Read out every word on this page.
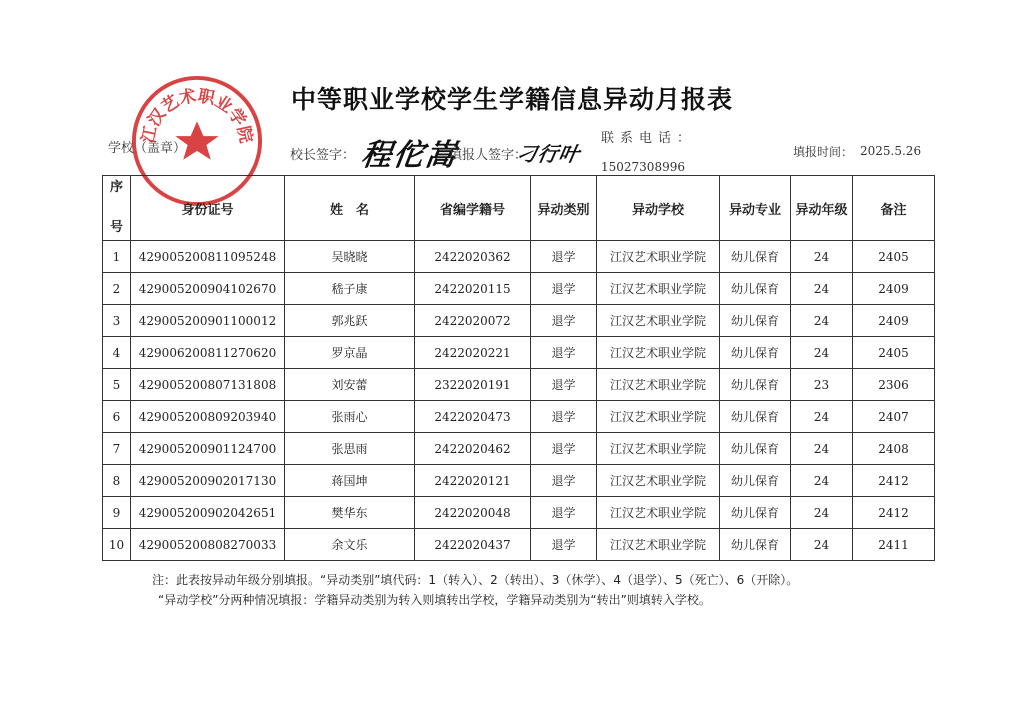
中等职业学校学生学籍信息异动月报表
学校（盖章）	校长签字： 程佗嵩
填报人签字：
刁行叶
联系电话：
15027308996
填报时间： 2025.5.26
江汉艺术职业学院
序

号	身份证号	姓　名	省编学籍号	异动类别	异动学校	异动专业	异动年级	备注
1	429005200811095248	吴晓晓	2422020362	退学	江汉艺术职业学院	幼儿保育	24	2405
2	429005200904102670	嵇子康	2422020115	退学	江汉艺术职业学院	幼儿保育	24	2409
3	429005200901100012	郭兆跃	2422020072	退学	江汉艺术职业学院	幼儿保育	24	2409
4	429006200811270620	罗京晶	2422020221	退学	江汉艺术职业学院	幼儿保育	24	2405
5	429005200807131808	刘安蕾	2322020191	退学	江汉艺术职业学院	幼儿保育	23	2306
6	429005200809203940	张雨心	2422020473	退学	江汉艺术职业学院	幼儿保育	24	2407
7	429005200901124700	张思雨	2422020462	退学	江汉艺术职业学院	幼儿保育	24	2408
8	429005200902017130	蒋国坤	2422020121	退学	江汉艺术职业学院	幼儿保育	24	2412
9	429005200902042651	樊华东	2422020048	退学	江汉艺术职业学院	幼儿保育	24	2412
10	429005200808270033	余文乐	2422020437	退学	江汉艺术职业学院	幼儿保育	24	2411
注：此表按异动年级分别填报。“异动类别”填代码：1（转入）、2（转出）、3（休学）、4（退学）、5（死亡）、6（开除）。
“异动学校”分两种情况填报：学籍异动类别为转入则填转出学校，学籍异动类别为“转出”则填转入学校。
